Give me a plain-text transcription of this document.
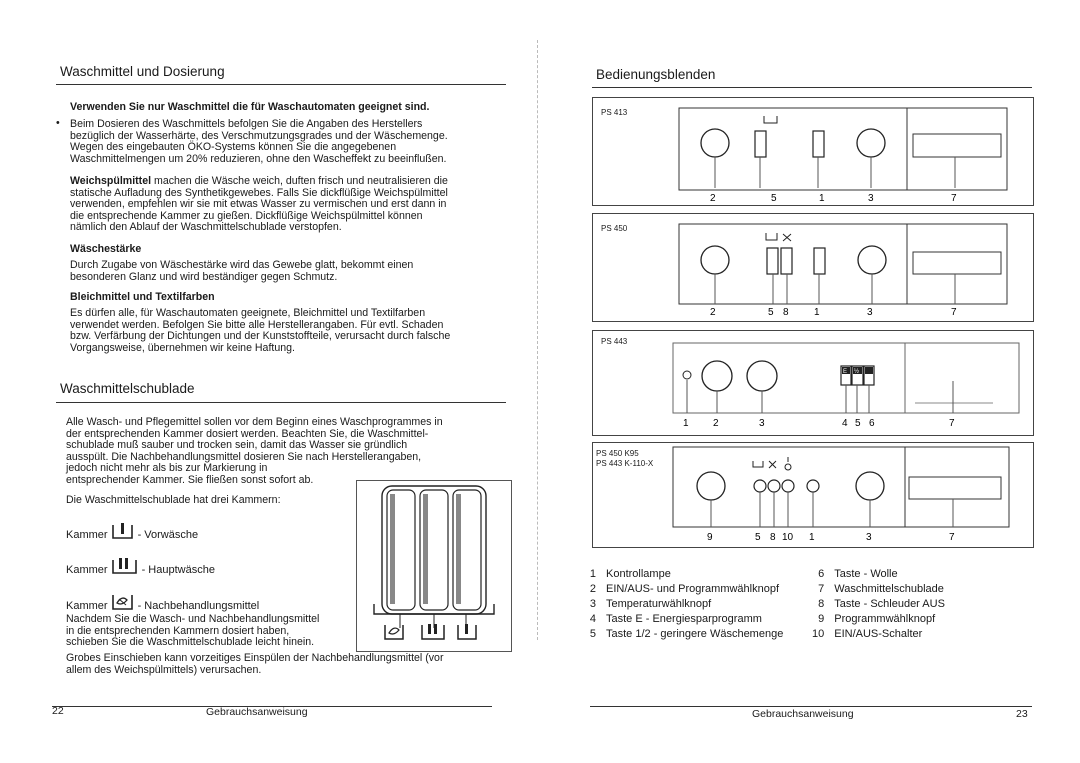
Waschmittel und Dosierung
Verwenden Sie nur Waschmittel die für Waschautomaten geeignet sind.
• Beim Dosieren des Waschmittels befolgen Sie die Angaben des Herstellers
bezüglich der Wasserhärte, des Verschmutzungsgrades und der Wäschemenge.
Wegen des eingebauten ÖKO-Systems können Sie die angegebenen
Waschmittelmengen um 20% reduzieren, ohne den Wascheffekt zu beeinflußen.
Weichspülmittel machen die Wäsche weich, duften frisch und neutralisieren die
statische Aufladung des Synthetikgewebes. Falls Sie dickflüßige Weichspülmittel
verwenden, empfehlen wir sie mit etwas Wasser zu vermischen und erst dann in
die entsprechende Kammer zu gießen. Dickflüßige Weichspülmittel können
nämlich den Ablauf der Waschmittelschublade verstopfen.
Wäschestärke
Durch Zugabe von Wäschestärke wird das Gewebe glatt, bekommt einen
besonderen Glanz und wird beständiger gegen Schmutz.
Bleichmittel und Textilfarben
Es dürfen alle, für Waschautomaten geeignete, Bleichmittel und Textilfarben
verwendet werden. Befolgen Sie bitte alle Herstellerangaben. Für evtl. Schaden
bzw. Verfärbung der Dichtungen und der Kunststoffteile, verursacht durch falsche
Vorgangsweise, übernehmen wir keine Haftung.
Waschmittelschublade
Alle Wasch- und Pflegemittel sollen vor dem Beginn eines Waschprogrammes in
der entsprechenden Kammer dosiert werden. Beachten Sie, die Waschmittel-
schublade muß sauber und trocken sein, damit das Wasser sie gründlich
ausspült. Die Nachbehandlungsmittel dosieren Sie nach Herstellerangaben,
jedoch nicht mehr als bis zur Markierung in
entsprechender Kammer. Sie fließen sonst sofort ab.
Die Waschmittelschublade hat drei Kammern:
Kammer	- Vorwäsche
Kammer	- Hauptwäsche
Kammer	- Nachbehandlungsmittel
Nachdem Sie die Wasch- und Nachbehandlungsmittel
in die entsprechenden Kammern dosiert haben,
schieben Sie die Waschmittelschublade leicht hinein.
Grobes Einschieben kann vorzeitiges Einspülen der Nachbehandlungsmittel (vor
allem des Weichspülmittels) verursachen.
22	Gebrauchsanweisung
Bedienungsblenden
PS 413
2	5	1	3	7
PS 450
2	5 8	1	3	7
PS 443
E ½
1 2	3	4 5 6	7
PS 450 K95
PS 443 K-110-X
9	5 8 10 1	3	7
1	Kontrollampe
2	EIN/AUS- und Programmwählknopf
3	Temperaturwählknopf
4	Taste E - Energiesparprogramm
5	Taste 1/2 - geringere Wäschemenge
6	Taste - Wolle
7	Waschmittelschublade
8	Taste - Schleuder AUS
9	Programmwählknopf
10	EIN/AUS-Schalter
Gebrauchsanweisung	23
